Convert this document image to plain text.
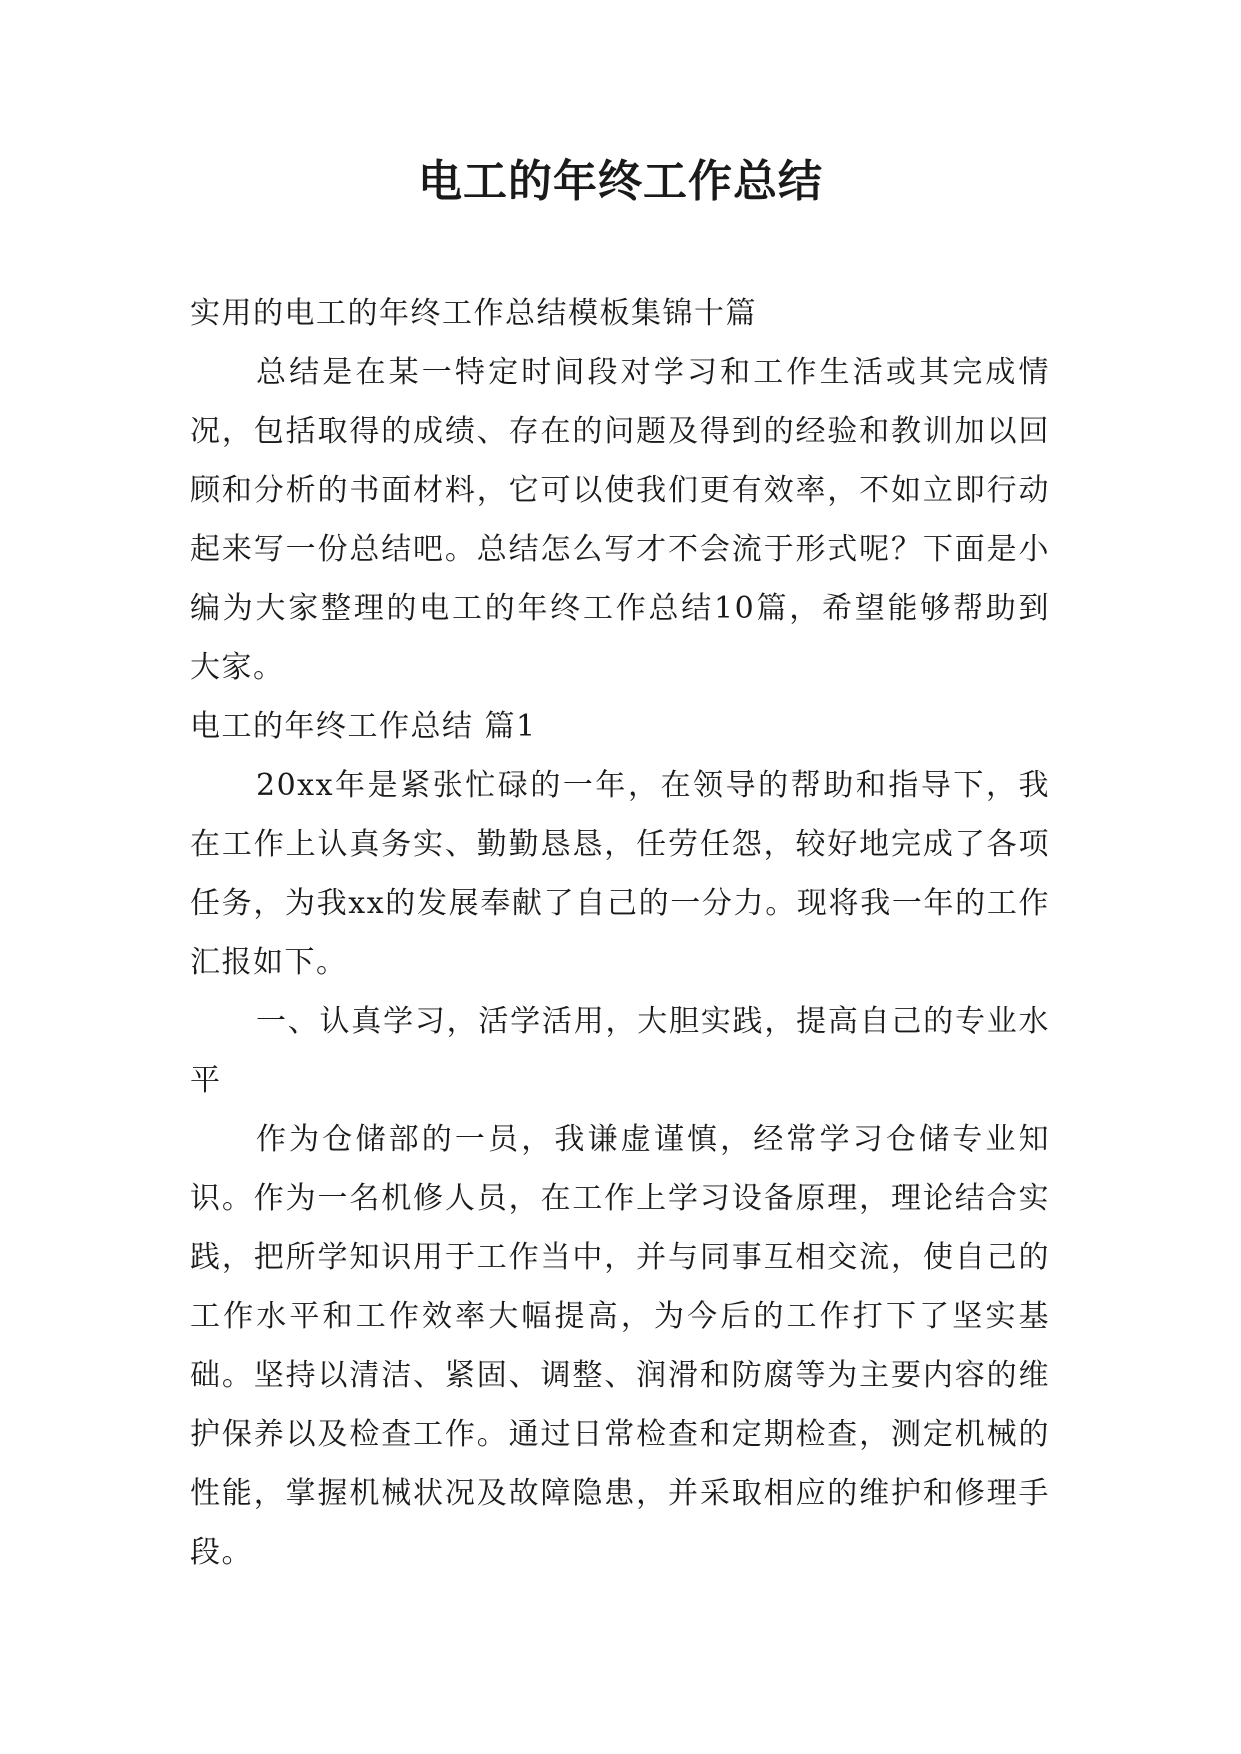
电工的年终工作总结

实用的电工的年终工作总结模板集锦十篇

总结是在某一特定时间段对学习和工作生活或其完成情况，包括取得的成绩、存在的问题及得到的经验和教训加以回顾和分析的书面材料，它可以使我们更有效率，不如立即行动起来写一份总结吧。总结怎么写才不会流于形式呢？下面是小编为大家整理的电工的年终工作总结10篇，希望能够帮助到大家。

电工的年终工作总结 篇1

20xx年是紧张忙碌的一年，在领导的帮助和指导下，我在工作上认真务实、勤勤恳恳，任劳任怨，较好地完成了各项任务，为我xx的发展奉献了自己的一分力。现将我一年的工作汇报如下。

一、认真学习，活学活用，大胆实践，提高自己的专业水平

作为仓储部的一员，我谦虚谨慎，经常学习仓储专业知识。作为一名机修人员，在工作上学习设备原理，理论结合实践，把所学知识用于工作当中，并与同事互相交流，使自己的工作水平和工作效率大幅提高，为今后的工作打下了坚实基础。坚持以清洁、紧固、调整、润滑和防腐等为主要内容的维护保养以及检查工作。通过日常检查和定期检查，测定机械的性能，掌握机械状况及故障隐患，并采取相应的维护和修理手段。
